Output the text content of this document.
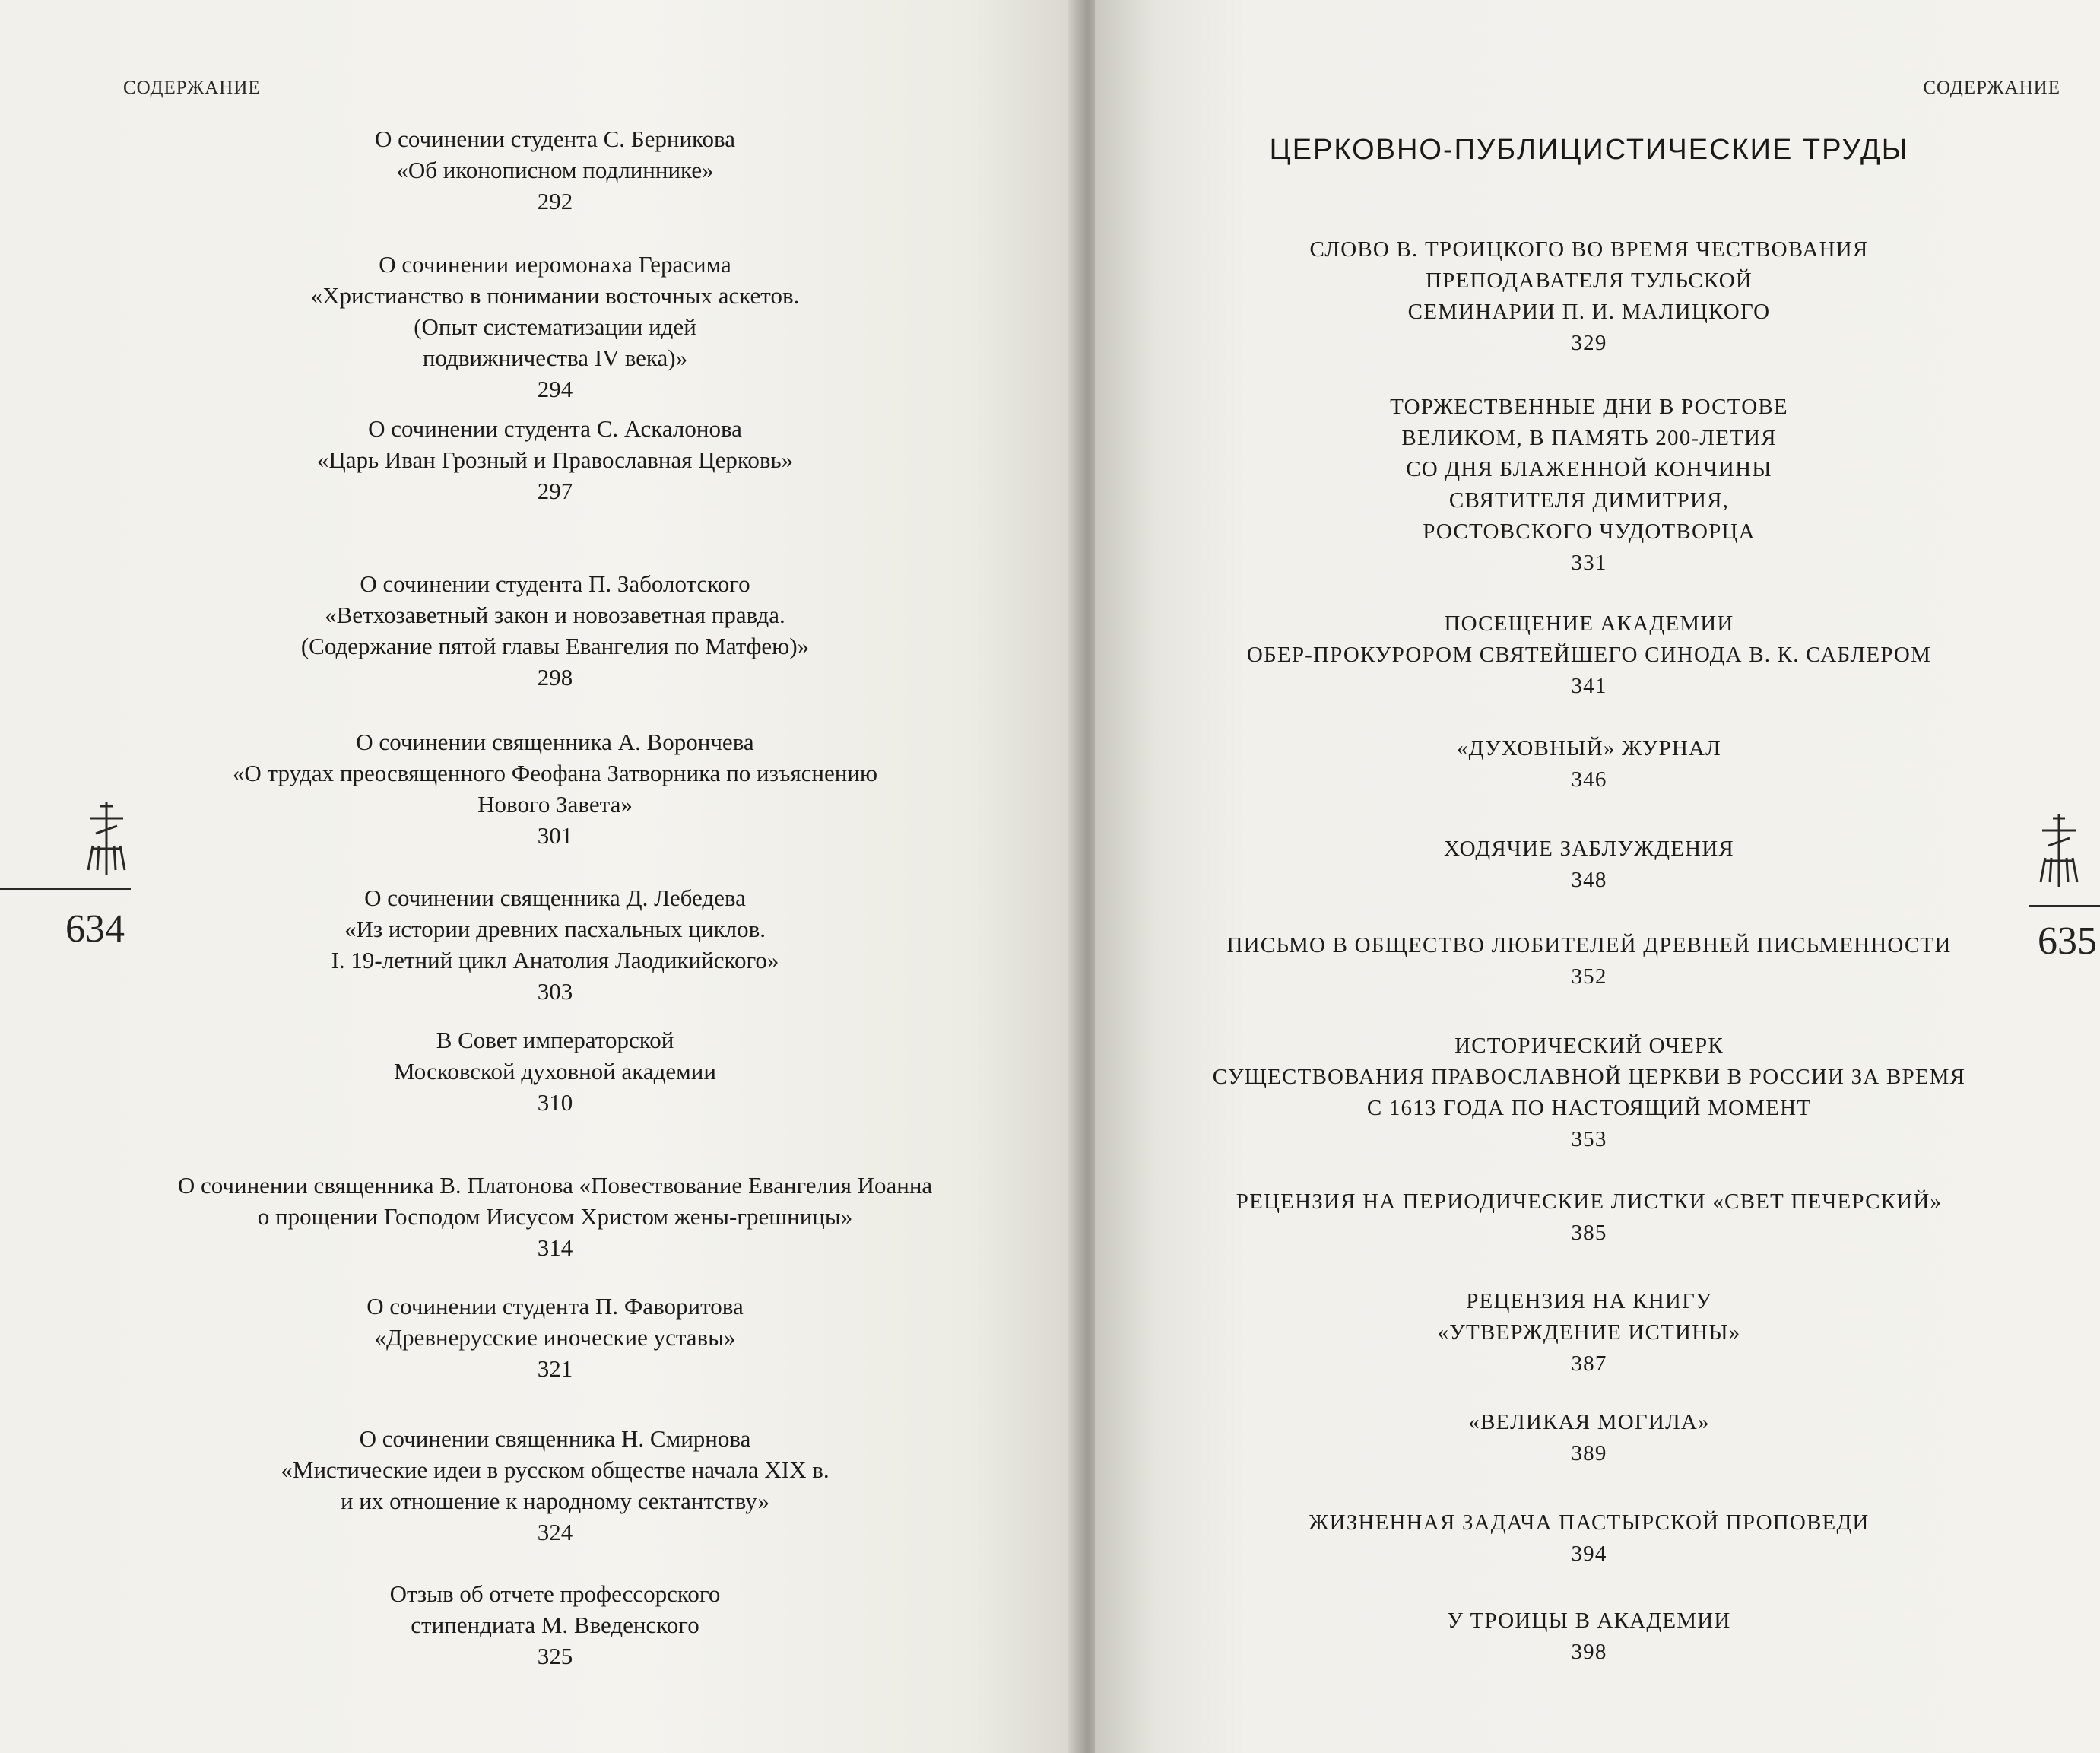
СОДЕРЖАНИЕ
О сочинении студента С. Берникова
«Об иконописном подлиннике»
292
О сочинении иеромонаха Герасима
«Христианство в понимании восточных аскетов.
(Опыт систематизации идей
подвижничества IV века)»
294
О сочинении студента С. Аскалонова
«Царь Иван Грозный и Православная Церковь»
297
О сочинении студента П. Заболотского
«Ветхозаветный закон и новозаветная правда.
(Содержание пятой главы Евангелия по Матфею)»
298
О сочинении священника А. Ворончева
«О трудах преосвященного Феофана Затворника по изъяснению
Нового Завета»
301
О сочинении священника Д. Лебедева
«Из истории древних пасхальных циклов.
I. 19-летний цикл Анатолия Лаодикийского»
303
В Совет императорской
Московской духовной академии
310
О сочинении священника В. Платонова «Повествование Евангелия Иоанна
о прощении Господом Иисусом Христом жены-грешницы»
314
О сочинении студента П. Фаворитова
«Древнерусские иноческие уставы»
321
О сочинении священника Н. Смирнова
«Мистические идеи в русском обществе начала XIX в.
и их отношение к народному сектантству»
324
Отзыв об отчете профессорского
стипендиата М. Введенского
325
634
СОДЕРЖАНИЕ
ЦЕРКОВНО-ПУБЛИЦИСТИЧЕСКИЕ ТРУДЫ
СЛОВО В. ТРОИЦКОГО ВО ВРЕМЯ ЧЕСТВОВАНИЯ
ПРЕПОДАВАТЕЛЯ ТУЛЬСКОЙ
СЕМИНАРИИ П. И. МАЛИЦКОГО
329
ТОРЖЕСТВЕННЫЕ ДНИ В РОСТОВЕ
ВЕЛИКОМ, В ПАМЯТЬ 200-ЛЕТИЯ
СО ДНЯ БЛАЖЕННОЙ КОНЧИНЫ
СВЯТИТЕЛЯ ДИМИТРИЯ,
РОСТОВСКОГО ЧУДОТВОРЦА
331
ПОСЕЩЕНИЕ АКАДЕМИИ
ОБЕР-ПРОКУРОРОМ СВЯТЕЙШЕГО СИНОДА В. К. САБЛЕРОМ
341
«ДУХОВНЫЙ» ЖУРНАЛ
346
ХОДЯЧИЕ ЗАБЛУЖДЕНИЯ
348
ПИСЬМО В ОБЩЕСТВО ЛЮБИТЕЛЕЙ ДРЕВНЕЙ ПИСЬМЕННОСТИ
352
ИСТОРИЧЕСКИЙ ОЧЕРК
СУЩЕСТВОВАНИЯ ПРАВОСЛАВНОЙ ЦЕРКВИ В РОССИИ ЗА ВРЕМЯ
С 1613 ГОДА ПО НАСТОЯЩИЙ МОМЕНТ
353
РЕЦЕНЗИЯ НА ПЕРИОДИЧЕСКИЕ ЛИСТКИ «СВЕТ ПЕЧЕРСКИЙ»
385
РЕЦЕНЗИЯ НА КНИГУ
«УТВЕРЖДЕНИЕ ИСТИНЫ»
387
«ВЕЛИКАЯ МОГИЛА»
389
ЖИЗНЕННАЯ ЗАДАЧА ПАСТЫРСКОЙ ПРОПОВЕДИ
394
У ТРОИЦЫ В АКАДЕМИИ
398
635
